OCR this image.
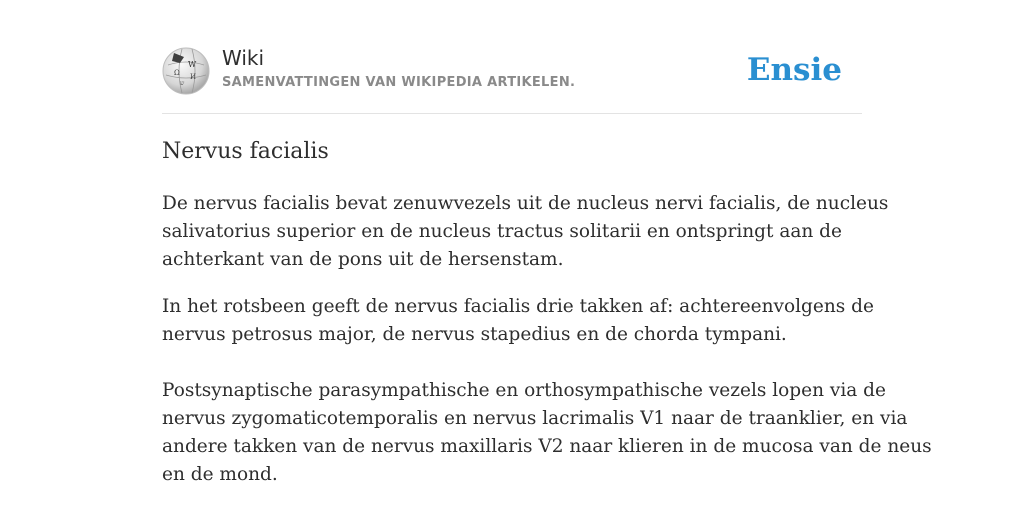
W
Ω И
ש
Wiki
SAMENVATTINGEN VAN WIKIPEDIA ARTIKELEN.	Ensie
Nervus facialis

De nervus facialis bevat zenuwvezels uit de nucleus nervi facialis, de nucleus
salivatorius superior en de nucleus tractus solitarii en ontspringt aan de
achterkant van de pons uit de hersenstam.

In het rotsbeen geeft de nervus facialis drie takken af: achtereenvolgens de
nervus petrosus major, de nervus stapedius en de chorda tympani.

Postsynaptische parasympathische en orthosympathische vezels lopen via de
nervus zygomaticotemporalis en nervus lacrimalis V1 naar de traanklier, en via
andere takken van de nervus maxillaris V2 naar klieren in de mucosa van de neus
en de mond.
